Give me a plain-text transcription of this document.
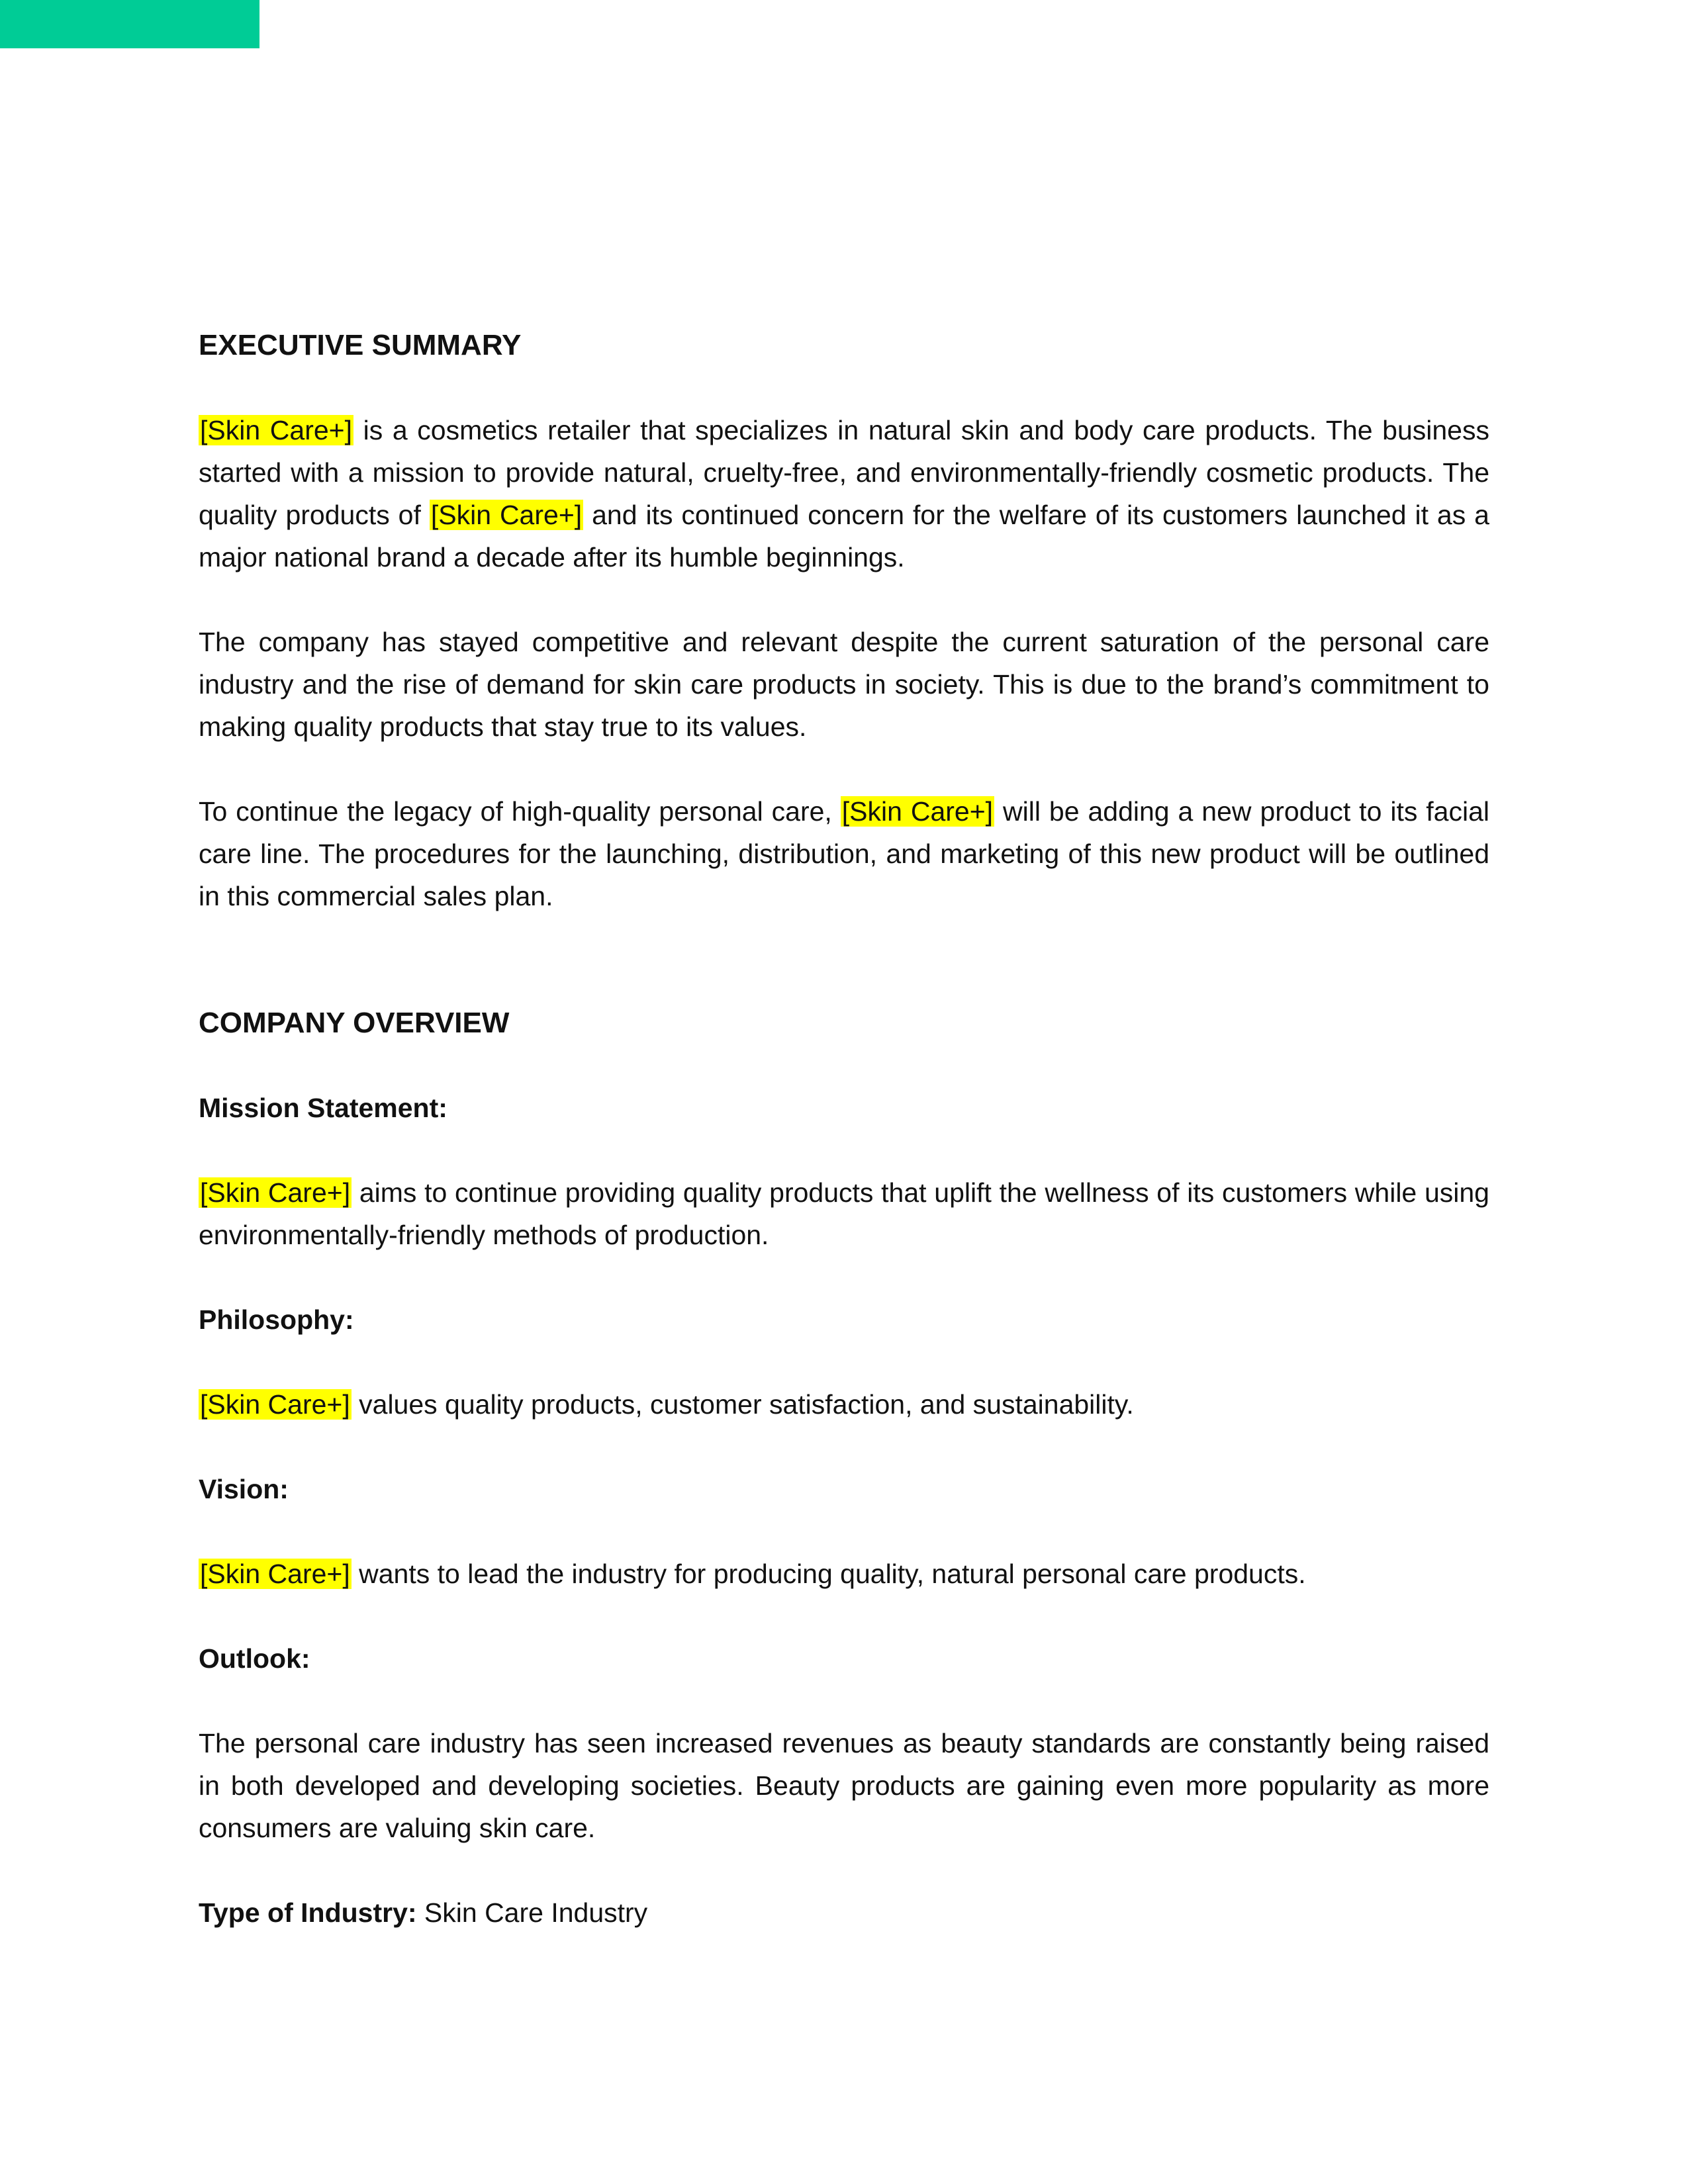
EXECUTIVE SUMMARY
[Skin Care+] is a cosmetics retailer that specializes in natural skin and body care products. The business started with a mission to provide natural, cruelty-free, and environmentally-friendly cosmetic products. The quality products of [Skin Care+] and its continued concern for the welfare of its customers launched it as a major national brand a decade after its humble beginnings.
The company has stayed competitive and relevant despite the current saturation of the personal care industry and the rise of demand for skin care products in society. This is due to the brand’s commitment to making quality products that stay true to its values.
To continue the legacy of high-quality personal care, [Skin Care+] will be adding a new product to its facial care line. The procedures for the launching, distribution, and marketing of this new product will be outlined in this commercial sales plan.
COMPANY OVERVIEW
Mission Statement:
[Skin Care+] aims to continue providing quality products that uplift the wellness of its customers while using environmentally-friendly methods of production.
Philosophy:
[Skin Care+] values quality products, customer satisfaction, and sustainability.
Vision:
[Skin Care+] wants to lead the industry for producing quality, natural personal care products.
Outlook:
The personal care industry has seen increased revenues as beauty standards are constantly being raised in both developed and developing societies. Beauty products are gaining even more popularity as more consumers are valuing skin care.
Type of Industry: Skin Care Industry
